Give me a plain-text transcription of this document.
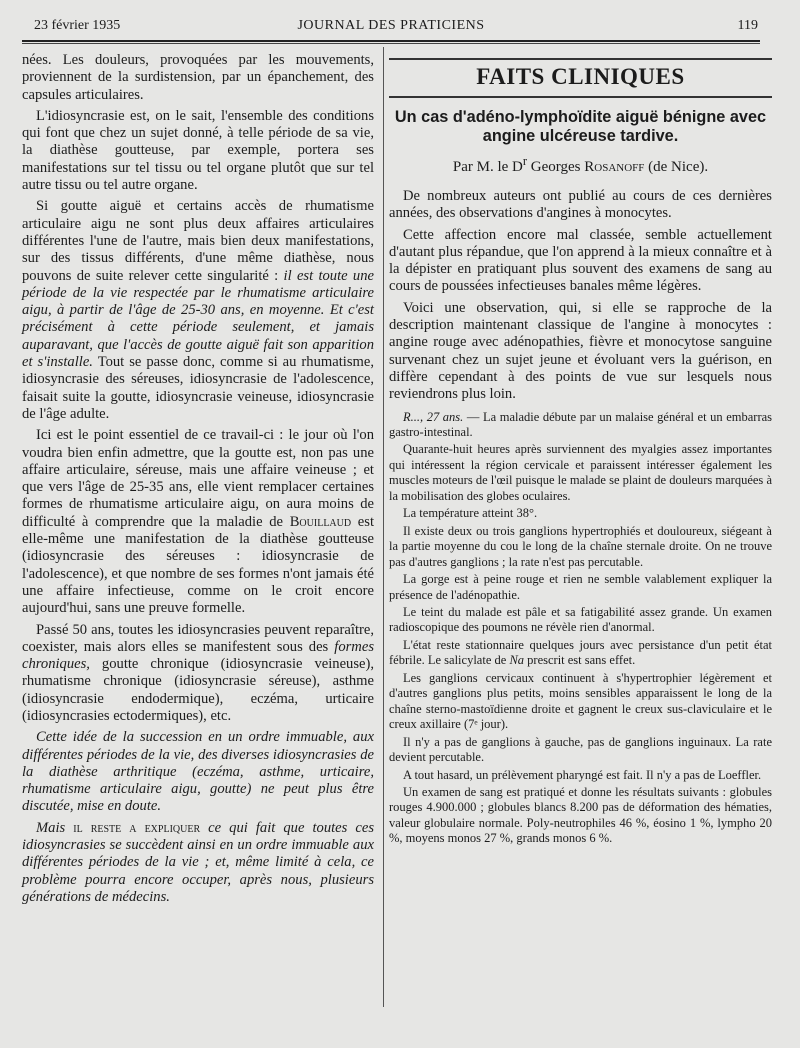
23 février 1935	JOURNAL DES PRATICIENS	119

nées. Les douleurs, provoquées par les mouvements, proviennent de la surdistension, par un épanchement, des capsules articulaires.

L'idiosyncrasie est, on le sait, l'ensemble des conditions qui font que chez un sujet donné, à telle période de sa vie, la diathèse goutteuse, par exemple, portera ses manifestations sur tel tissu ou tel organe plutôt que sur tel autre tissu ou tel autre organe.

Si goutte aiguë et certains accès de rhumatisme articulaire aigu ne sont plus deux affaires articulaires différentes l'une de l'autre, mais bien deux manifestations, sur des tissus différents, d'une même diathèse, nous pouvons de suite relever cette singularité : il est toute une période de la vie respectée par le rhumatisme articulaire aigu, à partir de l'âge de 25-30 ans, en moyenne. Et c'est précisément à cette période seulement, et jamais auparavant, que l'accès de goutte aiguë fait son apparition et s'installe. Tout se passe donc, comme si au rhumatisme, idiosyncrasie des séreuses, idiosyncrasie de l'adolescence, faisait suite la goutte, idiosyncrasie veineuse, idiosyncrasie de l'âge adulte.

Ici est le point essentiel de ce travail-ci : le jour où l'on voudra bien enfin admettre, que la goutte est, non pas une affaire articulaire, séreuse, mais une affaire veineuse ; et que vers l'âge de 25-35 ans, elle vient remplacer certaines formes de rhumatisme articulaire aigu, on aura moins de difficulté à comprendre que la maladie de Bouillaud est elle-même une manifestation de la diathèse goutteuse (idiosyncrasie des séreuses : idiosyncrasie de l'adolescence), et que nombre de ses formes n'ont jamais été une affaire infectieuse, comme on le croit encore aujourd'hui, sans une preuve formelle.

Passé 50 ans, toutes les idiosyncrasies peuvent reparaître, coexister, mais alors elles se manifestent sous des formes chroniques, goutte chronique (idiosyncrasie veineuse), rhumatisme chronique (idiosyncrasie séreuse), asthme (idiosyncrasie endodermique), eczéma, urticaire (idiosyncrasies ectodermiques), etc.

Cette idée de la succession en un ordre immuable, aux différentes périodes de la vie, des diverses idiosyncrasies de la diathèse arthritique (eczéma, asthme, urticaire, rhumatisme articulaire aigu, goutte) ne peut plus être discutée, mise en doute.

Mais il reste a expliquer ce qui fait que toutes ces idiosyncrasies se succèdent ainsi en un ordre immuable aux différentes périodes de la vie ; et, même limité à cela, ce problème pourra encore occuper, après nous, plusieurs générations de médecins.

FAITS CLINIQUES
Un cas d'adéno-lymphoïdite aiguë bénigne avec angine ulcéreuse tardive.
Par M. le $D^r$ Georges Rosanoff (de Nice).

De nombreux auteurs ont publié au cours de ces dernières années, des observations d'angines à monocytes.

Cette affection encore mal classée, semble actuellement d'autant plus répandue, que l'on apprend à la mieux connaître et à la dépister en pratiquant plus souvent des examens de sang au cours de poussées infectieuses banales même légères.

Voici une observation, qui, si elle se rapproche de la description maintenant classique de l'angine à monocytes : angine rouge avec adénopathies, fièvre et monocytose sanguine survenant chez un sujet jeune et évoluant vers la guérison, en diffère cependant à des points de vue sur lesquels nous reviendrons plus loin.

R..., 27 ans. — La maladie débute par un malaise général et un embarras gastro-intestinal.

Quarante-huit heures après surviennent des myalgies assez importantes qui intéressent la région cervicale et paraissent intéresser également les muscles moteurs de l'œil puisque le malade se plaint de douleurs marquées à la mobilisation des globes oculaires.

La température atteint 38°.

Il existe deux ou trois ganglions hypertrophiés et douloureux, siégeant à la partie moyenne du cou le long de la chaîne sternale droite. On ne trouve pas d'autres ganglions ; la rate n'est pas percutable.

La gorge est à peine rouge et rien ne semble valablement expliquer la présence de l'adénopathie.

Le teint du malade est pâle et sa fatigabilité assez grande. Un examen radioscopique des poumons ne révèle rien d'anormal.

L'état reste stationnaire quelques jours avec persistance d'un petit état fébrile. Le salicylate de Na prescrit est sans effet.

Les ganglions cervicaux continuent à s'hypertrophier légèrement et d'autres ganglions plus petits, moins sensibles apparaissent le long de la chaîne sterno-mastoïdienne droite et gagnent le creux sus-claviculaire et le creux axillaire (7ᵉ jour).

Il n'y a pas de ganglions à gauche, pas de ganglions inguinaux. La rate devient percutable.

A tout hasard, un prélèvement pharyngé est fait. Il n'y a pas de Loeffler.

Un examen de sang est pratiqué et donne les résultats suivants : globules rouges 4.900.000 ; globules blancs 8.200 pas de déformation des hématies, valeur globulaire normale. Poly-neutrophiles 46 %, éosino 1 %, lympho 20 %, moyens monos 27 %, grands monos 6 %.
